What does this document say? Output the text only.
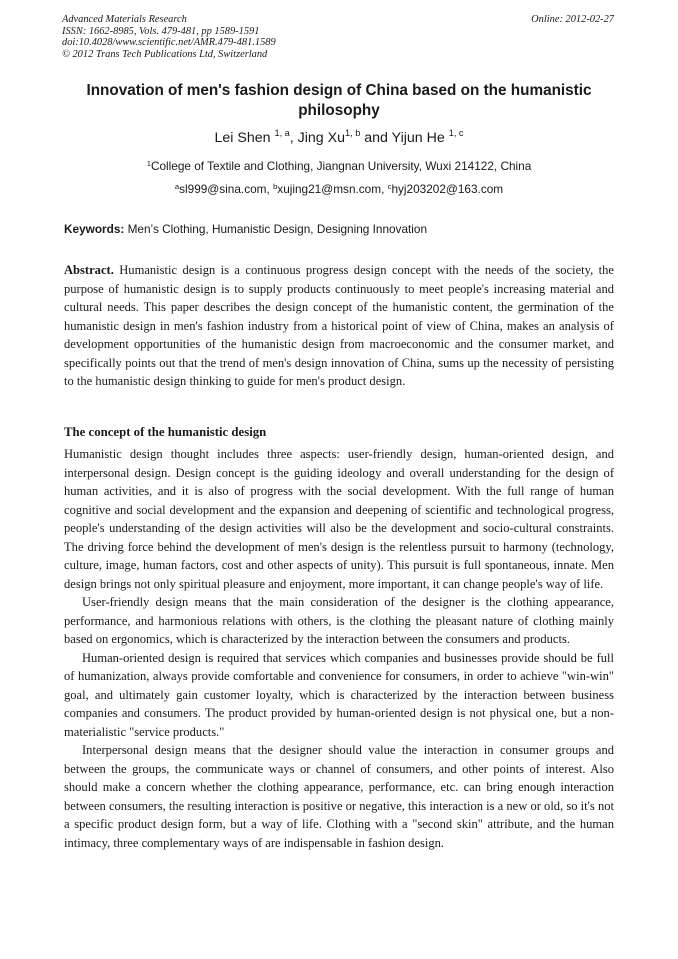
Advanced Materials Research
ISSN: 1662-8985, Vols. 479-481, pp 1589-1591
doi:10.4028/www.scientific.net/AMR.479-481.1589
© 2012 Trans Tech Publications Ltd, Switzerland
Online: 2012-02-27
Innovation of men's fashion design of China based on the humanistic philosophy
Lei Shen $^{1, a}$, Jing Xu$^{1, b}$ and Yijun He $^{1, c}$
$^1$College of Textile and Clothing, Jiangnan University, Wuxi 214122, China
$^a$sl999@sina.com, $^b$xujing21@msn.com, $^c$hyj203202@163.com
Keywords: Men’s Clothing, Humanistic Design, Designing Innovation

Abstract. Humanistic design is a continuous progress design concept with the needs of the society, the purpose of humanistic design is to supply products continuously to meet people's increasing material and cultural needs. This paper describes the design concept of the humanistic content, the germination of the humanistic design in men's fashion industry from a historical point of view of China, makes an analysis of development opportunities of the humanistic design from macroeconomic and the consumer market, and specifically points out that the trend of men's design innovation of China, sums up the necessity of persisting to the humanistic design thinking to guide for men's product design.

The concept of the humanistic design

Humanistic design thought includes three aspects: user-friendly design, human-oriented design, and interpersonal design. Design concept is the guiding ideology and overall understanding for the design of human activities, and it is also of progress with the social development. With the full range of human cognitive and social development and the expansion and deepening of scientific and technological progress, people's understanding of the design activities will also be the development and socio-cultural constraints. The driving force behind the development of men's design is the relentless pursuit to harmony (technology, culture, image, human factors, cost and other aspects of unity). This pursuit is full spontaneous, innate. Men design brings not only spiritual pleasure and enjoyment, more important, it can change people's way of life.

User-friendly design means that the main consideration of the designer is the clothing appearance, performance, and harmonious relations with others, is the clothing the pleasant nature of clothing mainly based on ergonomics, which is characterized by the interaction between the consumers and products.

Human-oriented design is required that services which companies and businesses provide should be full of humanization, always provide comfortable and convenience for consumers, in order to achieve "win-win" goal, and ultimately gain customer loyalty, which is characterized by the interaction between business companies and consumers. The product provided by human-oriented design is not physical one, but a non-materialistic "service products."

Interpersonal design means that the designer should value the interaction in consumer groups and between the groups, the communicate ways or channel of consumers, and other points of interest. Also should make a concern whether the clothing appearance, performance, etc. can bring enough interaction between consumers, the resulting interaction is positive or negative, this interaction is a new or old, so it's not a specific product design form, but a way of life. Clothing with a "second skin" attribute, and the human intimacy, three complementary ways of are indispensable in fashion design.
